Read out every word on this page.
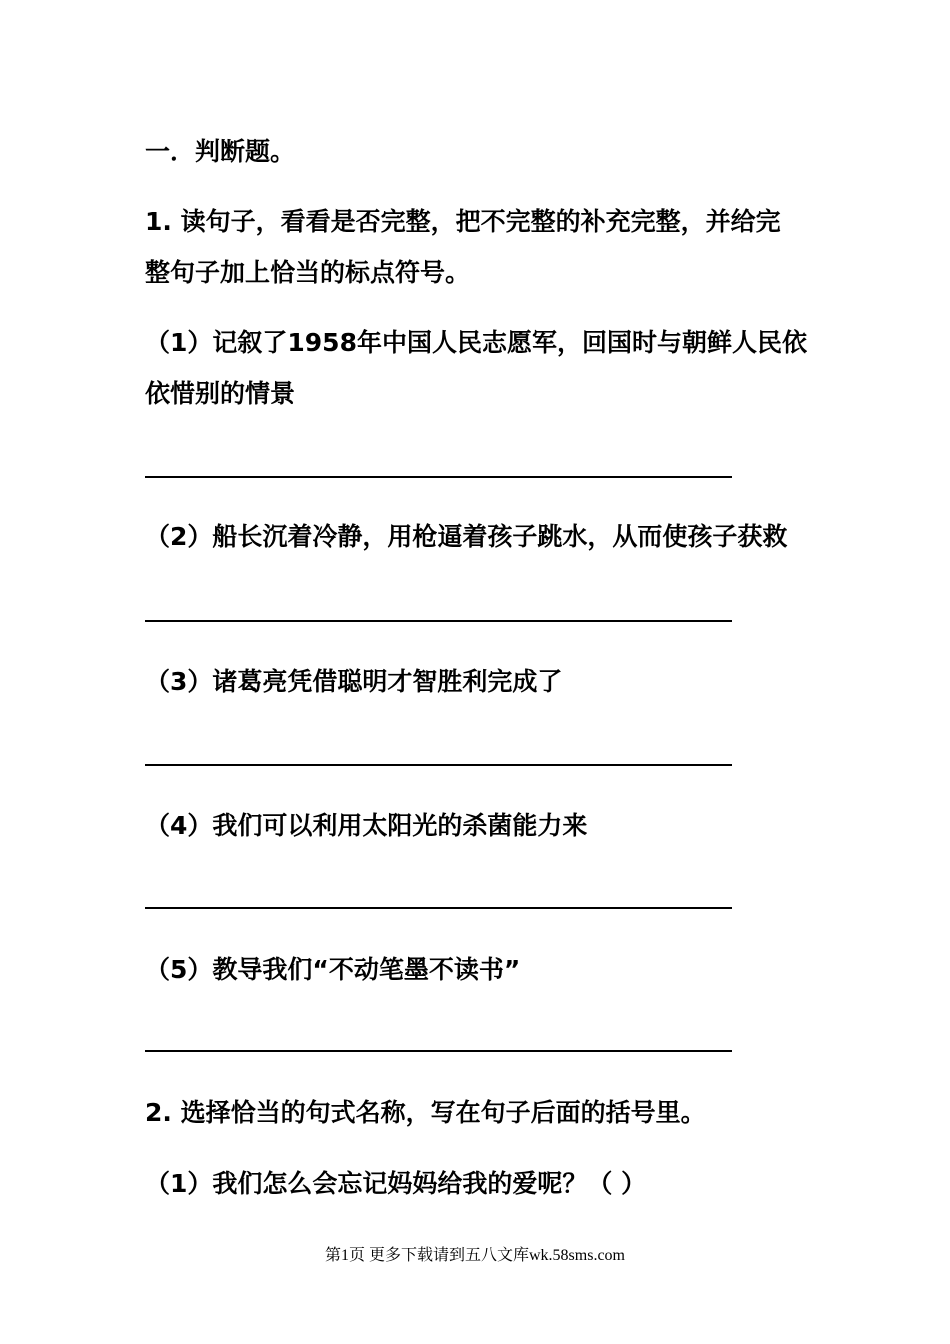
一．判断题。
1. 读句子，看看是否完整，把不完整的补充完整，并给完
整句子加上恰当的标点符号。
（1）记叙了1958年中国人民志愿军，回国时与朝鲜人民依
依惜别的情景
（2）船长沉着冷静，用枪逼着孩子跳水，从而使孩子获救
（3）诸葛亮凭借聪明才智胜利完成了
（4）我们可以利用太阳光的杀菌能力来
（5）教导我们“不动笔墨不读书”
2. 选择恰当的句式名称，写在句子后面的括号里。
（1）我们怎么会忘记妈妈给我的爱呢？（ ）
第1页 更多下载请到五八文库wk.58sms.com
